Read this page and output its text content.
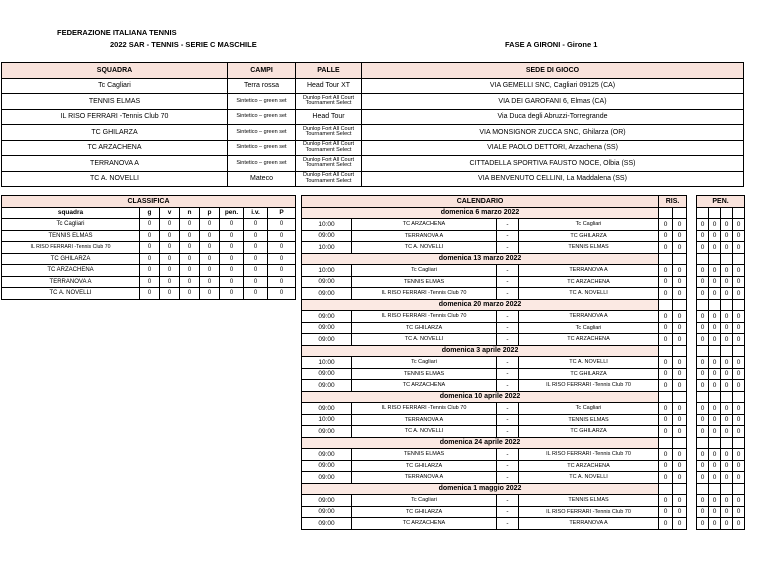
FEDERAZIONE ITALIANA TENNIS
2022 SAR - TENNIS - SERIE C MASCHILE	FASE A GIRONI - Girone 1
SQUADRA	CAMPI	PALLE	SEDE DI GIOCO
Tc Cagliari	Terra rossa	Head Tour XT	VIA GEMELLI SNC, Cagliari 09125 (CA)
TENNIS ELMAS	Sintetico – green set	Dunlop Fort All Court Tournament Select	VIA DEI GAROFANI 6, Elmas (CA)
IL RISO FERRARI -Tennis Club 70	Sintetico – green set	Head Tour	Via Duca degli Abruzzi-Torregrande
TC GHILARZA	Sintetico – green set	Dunlop Fort All Court Tournament Select	VIA MONSIGNOR ZUCCA SNC, Ghilarza (OR)
TC ARZACHENA	Sintetico – green set	Dunlop Fort All Court Tournament Select	VIALE PAOLO DETTORI, Arzachena (SS)
TERRANOVA A	Sintetico – green set	Dunlop Fort All Court Tournament Select	CITTADELLA SPORTIVA FAUSTO NOCE, Olbia (SS)
TC A. NOVELLI	Mateco	Dunlop Fort All Court Tournament Select	VIA BENVENUTO CELLINI, La Maddalena (SS)
CLASSIFICA							
squadra	g	v	n	p	pen.	i.v.	P
Tc Cagliari	0	0	0	0	0	0	0
TENNIS ELMAS	0	0	0	0	0	0	0
IL RISO FERRARI -Tennis Club 70	0	0	0	0	0	0	0
TC GHILARZA	0	0	0	0	0	0	0
TC ARZACHENA	0	0	0	0	0	0	0
TERRANOVA A	0	0	0	0	0	0	0
TC A. NOVELLI	0	0	0	0	0	0	0
CALENDARIO				RIS.			PEN.			
domenica 6 marzo 2022										
10:00	TC ARZACHENA	-	Tc Cagliari	0	0		0	0	0	0
09:00	TERRANOVA A	-	TC GHILARZA	0	0		0	0	0	0
10:00	TC A. NOVELLI	-	TENNIS ELMAS	0	0		0	0	0	0
domenica 13 marzo 2022										
10:00	Tc Cagliari	-	TERRANOVA A	0	0		0	0	0	0
09:00	TENNIS ELMAS	-	TC ARZACHENA	0	0		0	0	0	0
09:00	IL RISO FERRARI -Tennis Club 70	-	TC A. NOVELLI	0	0		0	0	0	0
domenica 20 marzo 2022										
09:00	IL RISO FERRARI -Tennis Club 70	-	TERRANOVA A	0	0		0	0	0	0
09:00	TC GHILARZA	-	Tc Cagliari	0	0		0	0	0	0
09:00	TC A. NOVELLI	-	TC ARZACHENA	0	0		0	0	0	0
domenica 3 aprile 2022										
10:00	Tc Cagliari	-	TC A. NOVELLI	0	0		0	0	0	0
09:00	TENNIS ELMAS	-	TC GHILARZA	0	0		0	0	0	0
09:00	TC ARZACHENA	-	IL RISO FERRARI -Tennis Club 70	0	0		0	0	0	0
domenica 10 aprile 2022										
09:00	IL RISO FERRARI -Tennis Club 70	-	Tc Cagliari	0	0		0	0	0	0
10:00	TERRANOVA A	-	TENNIS ELMAS	0	0		0	0	0	0
09:00	TC A. NOVELLI	-	TC GHILARZA	0	0		0	0	0	0
domenica 24 aprile 2022										
09:00	TENNIS ELMAS	-	IL RISO FERRARI -Tennis Club 70	0	0		0	0	0	0
09:00	TC GHILARZA	-	TC ARZACHENA	0	0		0	0	0	0
09:00	TERRANOVA A	-	TC A. NOVELLI	0	0		0	0	0	0
domenica 1 maggio 2022										
09:00	Tc Cagliari	-	TENNIS ELMAS	0	0		0	0	0	0
09:00	TC GHILARZA	-	IL RISO FERRARI -Tennis Club 70	0	0		0	0	0	0
09:00	TC ARZACHENA	-	TERRANOVA A	0	0		0	0	0	0
